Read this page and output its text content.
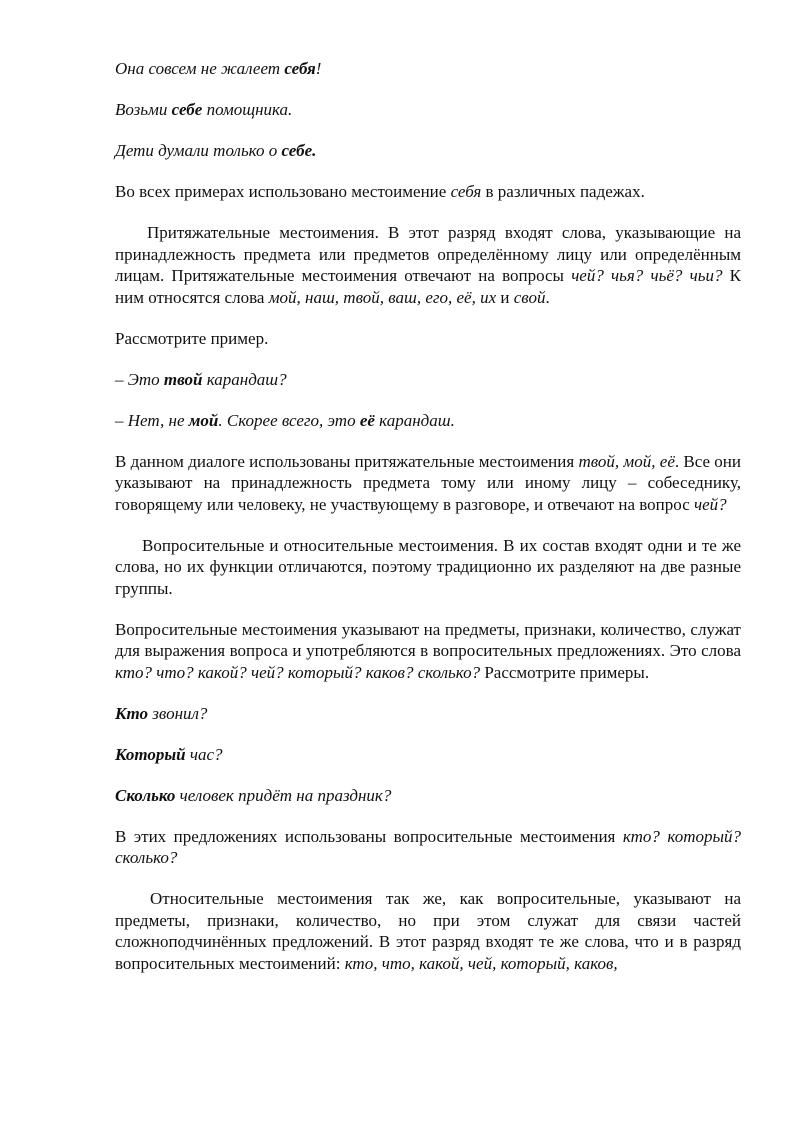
Она совсем не жалеет себя!

Возьми себе помощника.

Дети думали только о себе.

Во всех примерах использовано местоимение себя в различных падежах.

Притяжательные местоимения. В этот разряд входят слова, указывающие на принадлежность предмета или предметов определённому лицу или определённым лицам. Притяжательные местоимения отвечают на вопросы чей? чья? чьё? чьи? К ним относятся слова мой, наш, твой, ваш, его, её, их и свой.

Рассмотрите пример.

– Это твой карандаш?

– Нет, не мой. Скорее всего, это её карандаш.

В данном диалоге использованы притяжательные местоимения твой, мой, её. Все они указывают на принадлежность предмета тому или иному лицу – собеседнику, говорящему или человеку, не участвующему в разговоре, и отвечают на вопрос чей?

Вопросительные и относительные местоимения. В их состав входят одни и те же слова, но их функции отличаются, поэтому традиционно их разделяют на две разные группы.

Вопросительные местоимения указывают на предметы, признаки, количество, служат для выражения вопроса и употребляются в вопросительных предложениях. Это слова кто? что? какой? чей? который? каков? сколько? Рассмотрите примеры.

Кто звонил?

Который час?

Сколько человек придёт на праздник?

В этих предложениях использованы вопросительные местоимения кто? который? сколько?

Относительные местоимения так же, как вопросительные, указывают на предметы, признаки, количество, но при этом служат для связи частей сложноподчинённых предложений. В этот разряд входят те же слова, что и в разряд вопросительных местоимений: кто, что, какой, чей, который, каков,
